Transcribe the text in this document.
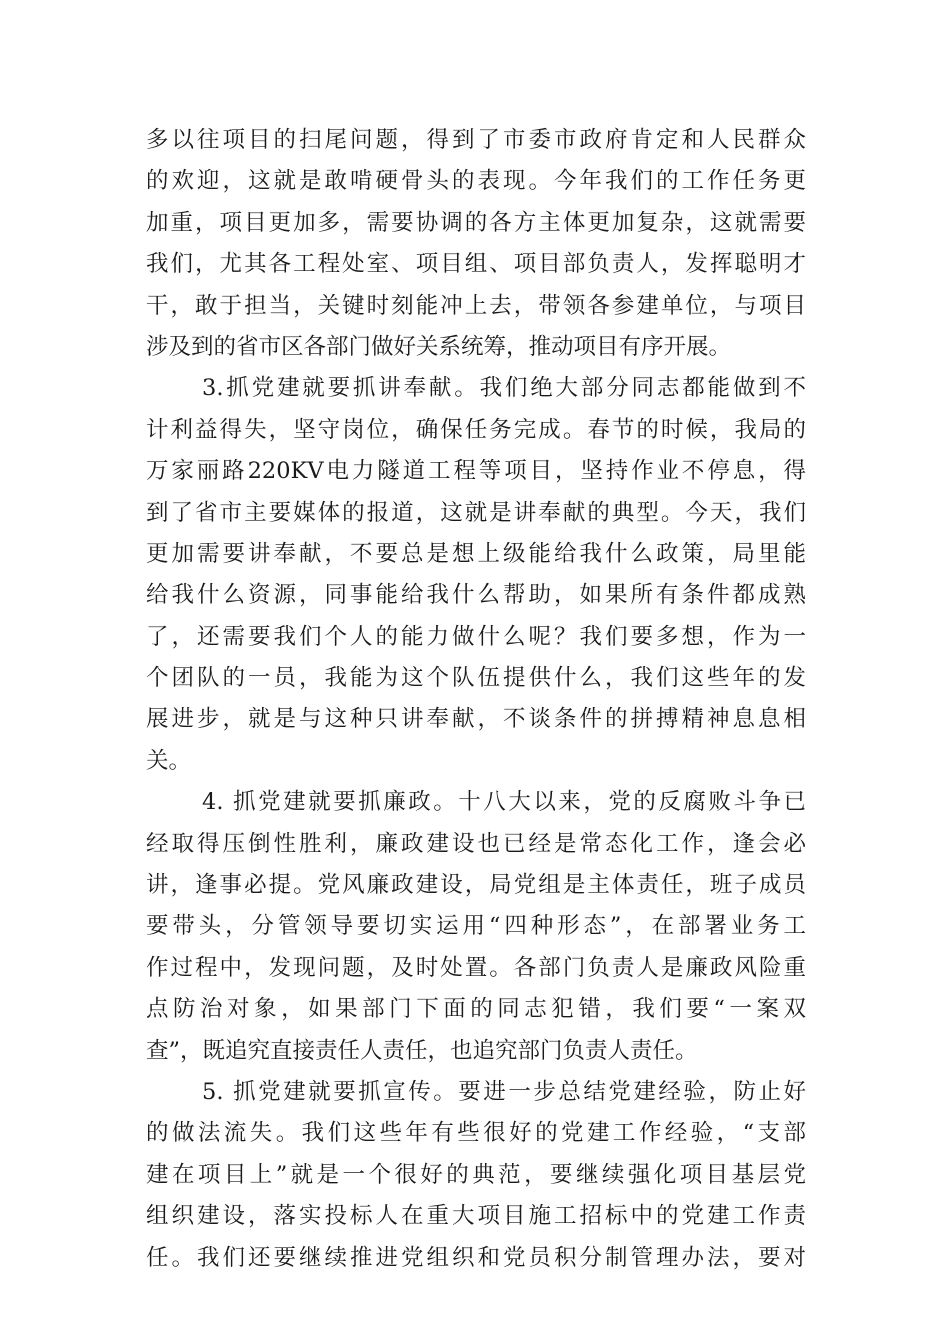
多以往项目的扫尾问题，得到了市委市政府肯定和人民群众
的欢迎，这就是敢啃硬骨头的表现。今年我们的工作任务更
加重，项目更加多，需要协调的各方主体更加复杂，这就需要
我们，尤其各工程处室、项目组、项目部负责人，发挥聪明才
干，敢于担当，关键时刻能冲上去，带领各参建单位，与项目
涉及到的省市区各部门做好关系统筹，推动项目有序开展。
3.抓党建就要抓讲奉献。我们绝大部分同志都能做到不
计利益得失，坚守岗位，确保任务完成。春节的时候，我局的
万家丽路220KV电力隧道工程等项目，坚持作业不停息，得
到了省市主要媒体的报道，这就是讲奉献的典型。今天，我们
更加需要讲奉献，不要总是想上级能给我什么政策，局里能
给我什么资源，同事能给我什么帮助，如果所有条件都成熟
了，还需要我们个人的能力做什么呢？我们要多想，作为一
个团队的一员，我能为这个队伍提供什么，我们这些年的发
展进步，就是与这种只讲奉献，不谈条件的拼搏精神息息相
关。
4. 抓党建就要抓廉政。十八大以来，党的反腐败斗争已
经取得压倒性胜利，廉政建设也已经是常态化工作，逢会必
讲，逢事必提。党风廉政建设，局党组是主体责任，班子成员
要带头，分管领导要切实运用“四种形态”，在部署业务工
作过程中，发现问题，及时处置。各部门负责人是廉政风险重
点防治对象，如果部门下面的同志犯错，我们要“一案双
查”，既追究直接责任人责任，也追究部门负责人责任。
5. 抓党建就要抓宣传。要进一步总结党建经验，防止好
的做法流失。我们这些年有些很好的党建工作经验，“支部
建在项目上”就是一个很好的典范，要继续强化项目基层党
组织建设，落实投标人在重大项目施工招标中的党建工作责
任。我们还要继续推进党组织和党员积分制管理办法，要对
